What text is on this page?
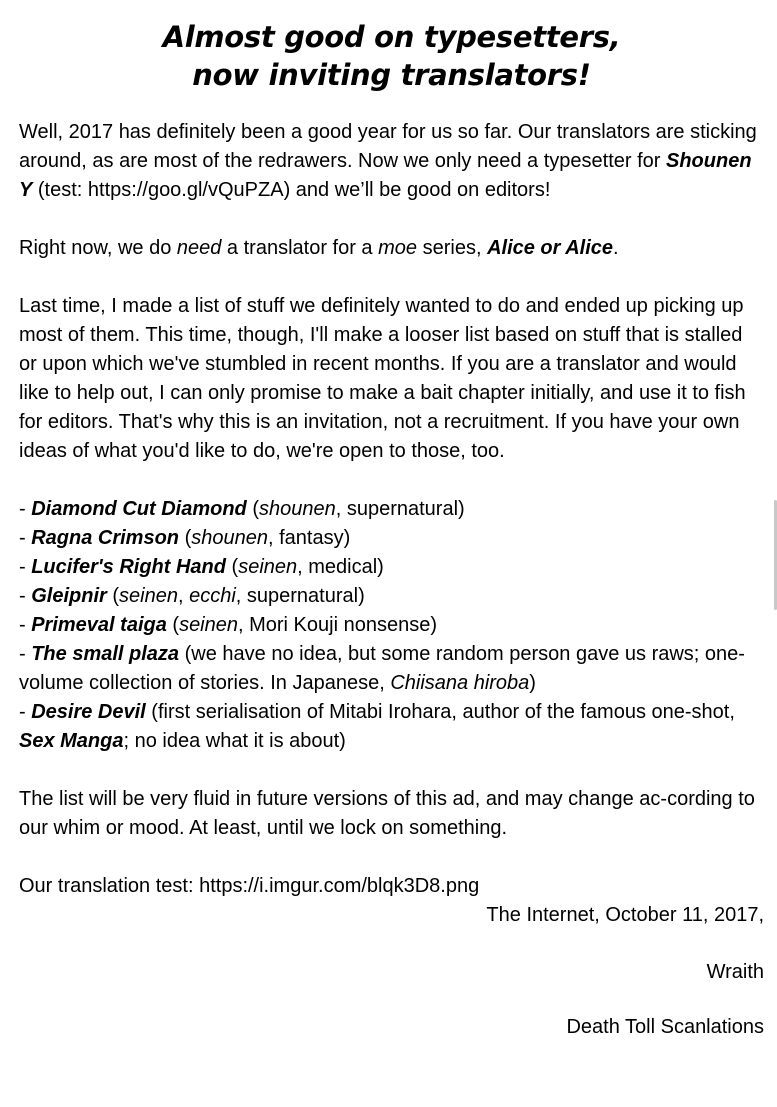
Almost good on typesetters,
now inviting translators!

Well, 2017 has definitely been a good year for us so far. Our translators are sticking around, as are most of the redrawers. Now we only need a typesetter for Shounen Y (test: https://goo.gl/vQuPZA) and we’ll be good on editors!

Right now, we do need a translator for a moe series, Alice or Alice.

Last time, I made a list of stuff we definitely wanted to do and ended up picking up most of them. This time, though, I'll make a looser list based on stuff that is stalled or upon which we've stumbled in recent months. If you are a translator and would like to help out, I can only promise to make a bait chapter initially, and use it to fish for editors. That's why this is an invitation, not a recruitment. If you have your own ideas of what you'd like to do, we're open to those, too.

- Diamond Cut Diamond (shounen, supernatural)

- Ragna Crimson (shounen, fantasy)

- Lucifer's Right Hand (seinen, medical)

- Gleipnir (seinen, ecchi, supernatural)

- Primeval taiga (seinen, Mori Kouji nonsense)

- The small plaza (we have no idea, but some random person gave us raws; one-volume collection of stories. In Japanese, Chiisana hiroba)

- Desire Devil (first serialisation of Mitabi Irohara, author of the famous one-shot, Sex Manga; no idea what it is about)

The list will be very fluid in future versions of this ad, and may change ac-cording to our whim or mood. At least, until we lock on something.

Our translation test: https://i.imgur.com/blqk3D8.png

The Internet, October 11, 2017,

Wraith

Death Toll Scanlations
